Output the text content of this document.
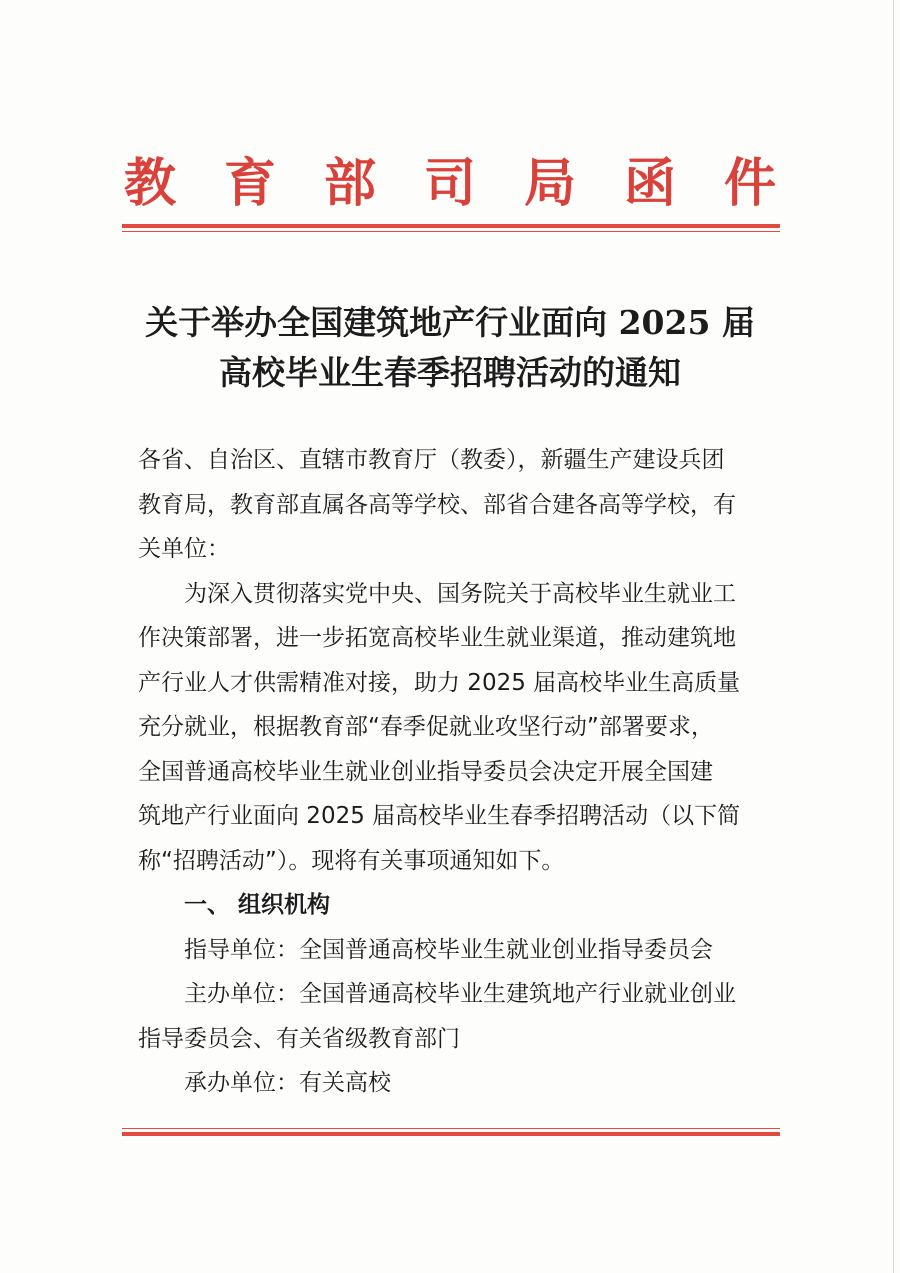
教 育 部 司 局 函 件
关于举办全国建筑地产行业面向 2025 届
高校毕业生春季招聘活动的通知
各省、自治区、直辖市教育厅（教委），新疆生产建设兵团
教育局，教育部直属各高等学校、部省合建各高等学校，有
关单位：
为深入贯彻落实党中央、国务院关于高校毕业生就业工
作决策部署，进一步拓宽高校毕业生就业渠道，推动建筑地
产行业人才供需精准对接，助力 2025 届高校毕业生高质量
充分就业，根据教育部“春季促就业攻坚行动”部署要求，
全国普通高校毕业生就业创业指导委员会决定开展全国建
筑地产行业面向 2025 届高校毕业生春季招聘活动（以下简
称“招聘活动”）。现将有关事项通知如下。
一、 组织机构
指导单位：全国普通高校毕业生就业创业指导委员会
主办单位：全国普通高校毕业生建筑地产行业就业创业
指导委员会、有关省级教育部门
承办单位：有关高校
